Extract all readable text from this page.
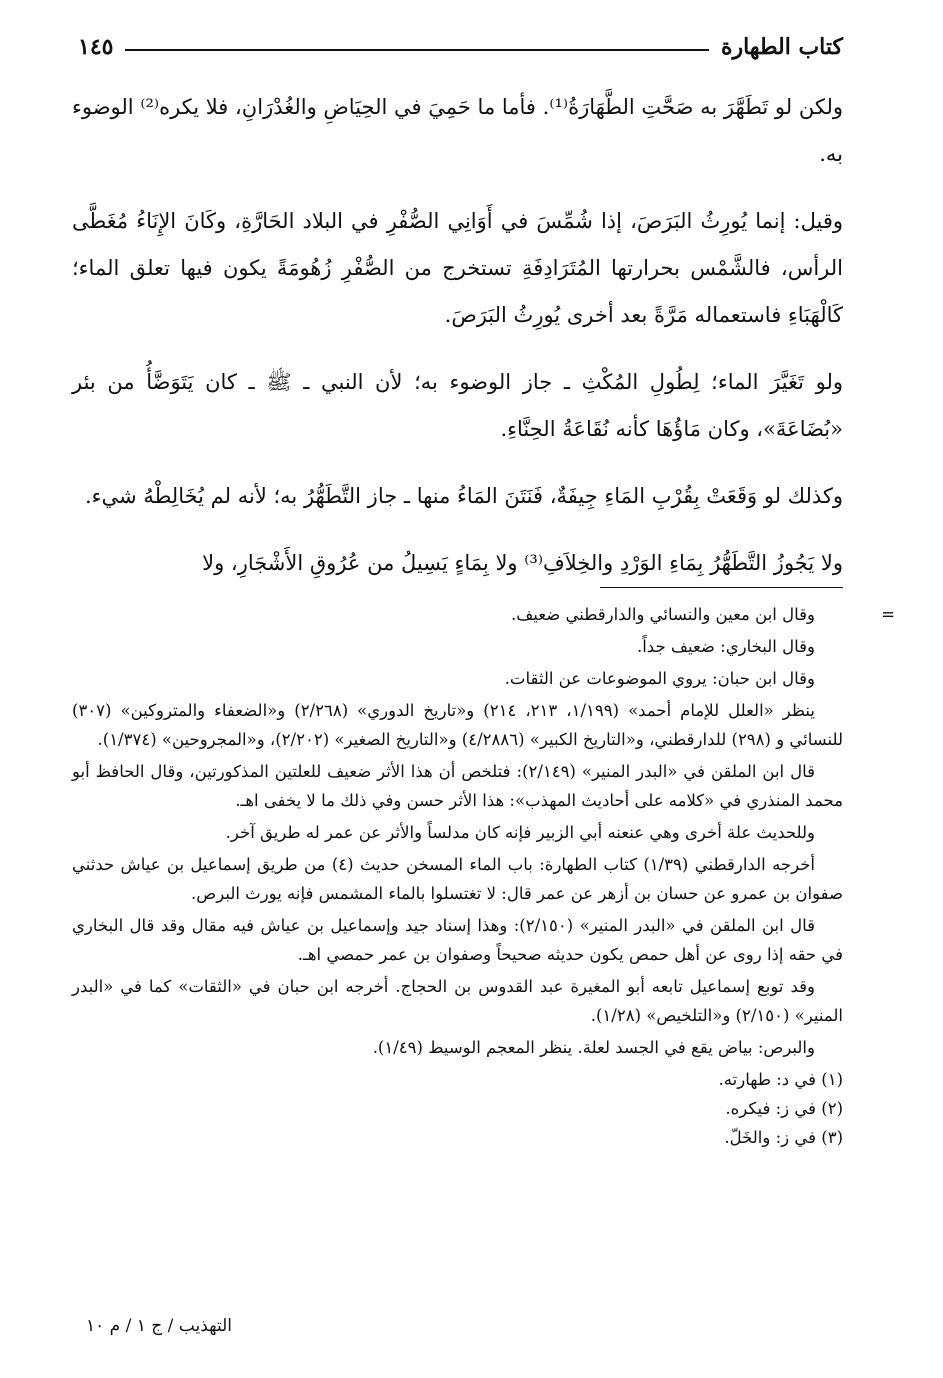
كتاب الطهارة
١٤٥

ولكن لو تَطَهَّرَ به صَحَّتِ الطَّهَارَةُ⁽¹⁾. فأما ما حَمِيَ في الحِيَاضِ والغُدْرَانِ، فلا يكره⁽²⁾ الوضوء به.

وقيل: إنما يُورِثُ البَرَصَ، إذا شُمِّسَ في أَوَانِي الصُّفْرِ في البلاد الحَارَّةِ، وكَانَ الإِنَاءُ مُغَطَّى الرأس، فالشَّمْس بحرارتها المُتَرَادِفَةِ تستخرج من الصُّفْرِ زُهُومَةً يكون فيها تعلق الماء؛ كَالْهَبَاءِ فاستعماله مَرَّةً بعد أخرى يُورِثُ البَرَصَ.

ولو تَغَيَّرَ الماء؛ لِطُولِ المُكْثِ ـ جاز الوضوء به؛ لأن النبي ـ ﷺ ـ كان يَتَوَضَّأُ من بئر «بُضَاعَةَ»، وكان مَاؤُهَا كأنه نُقَاعَةُ الحِنَّاءِ.

وكذلك لو وَقَعَتْ بِقُرْبِ المَاءِ جِيفَةٌ، فَنَتَنَ المَاءُ منها ـ جاز التَّطَهُّرُ به؛ لأنه لم يُخَالِطْهُ شيء.

ولا يَجُوزُ التَّطَهُّرُ بِمَاءِ الوَرْدِ والخِلاَفِ⁽³⁾ ولا بِمَاءٍ يَسِيلُ من عُرُوقِ الأَشْجَارِ، ولا

=
وقال ابن معين والنسائي والدارقطني ضعيف.

وقال البخاري: ضعيف جداً.

وقال ابن حبان: يروي الموضوعات عن الثقات.

ينظر «العلل للإمام أحمد» (١/١٩٩، ٢١٣، ٢١٤) و«تاريخ الدوري» (٢/٢٦٨) و«الضعفاء والمتروكين» (٣٠٧) للنسائي و (٢٩٨) للدارقطني، و«التاريخ الكبير» (٤/٢٨٨٦) و«التاريخ الصغير» (٢/٢٠٢)، و«المجروحين» (١/٣٧٤).

قال ابن الملقن في «البدر المنير» (٢/١٤٩): فتلخص أن هذا الأثر ضعيف للعلتين المذكورتين، وقال الحافظ أبو محمد المنذري في «كلامه على أحاديث المهذب»: هذا الأثر حسن وفي ذلك ما لا يخفى اهـ.

وللحديث علة أخرى وهي عنعنه أبي الزبير فإنه كان مدلساً والأثر عن عمر له طريق آخر.

أخرجه الدارقطني (١/٣٩) كتاب الطهارة: باب الماء المسخن حديث (٤) من طريق إسماعيل بن عياش حدثني صفوان بن عمرو عن حسان بن أزهر عن عمر قال: لا تغتسلوا بالماء المشمس فإنه يورث البرص.

قال ابن الملقن في «البدر المنير» (٢/١٥٠): وهذا إسناد جيد وإسماعيل بن عياش فيه مقال وقد قال البخاري في حقه إذا روى عن أهل حمص يكون حديثه صحيحاً وصفوان بن عمر حمصي اهـ.

وقد توبع إسماعيل تابعه أبو المغيرة عبد القدوس بن الحجاج. أخرجه ابن حبان في «الثقات» كما في «البدر المنير» (٢/١٥٠) و«التلخيص» (١/٢٨).

والبرص: بياض يقع في الجسد لعلة. ينظر المعجم الوسيط (١/٤٩).

(١) في د: طهارته.

(٢) في ز: فيكره.

(٣) في ز: والخَلّ.

التهذيب / ج ١ / م ١٠
